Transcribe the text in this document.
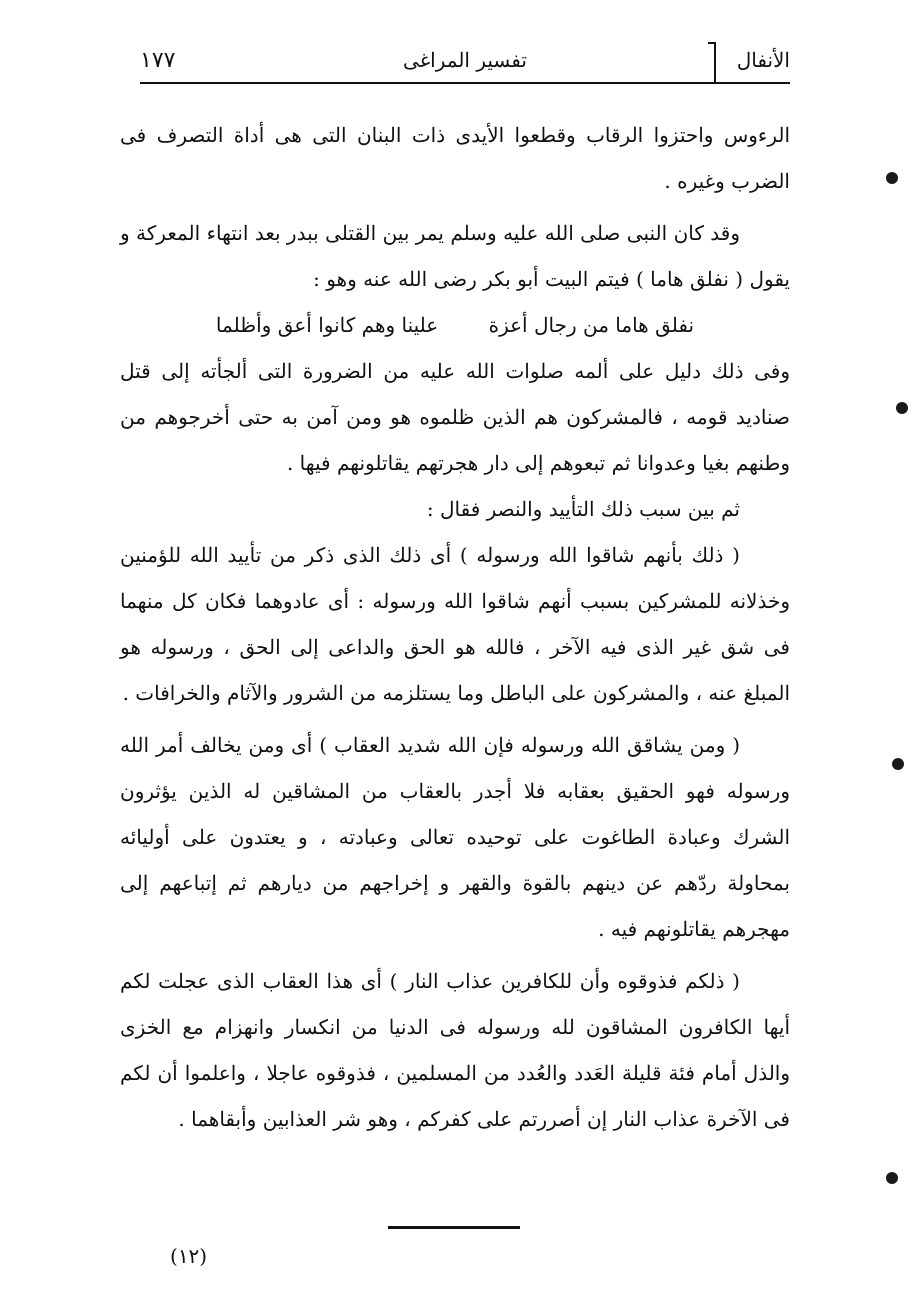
١٧٧	تفسير المراغى	الأنفال

الرءوس واحتزوا الرقاب وقطعوا الأيدى ذات البنان التى هى أداة التصرف فى الضرب وغيره .

وقد كان النبى صلى الله عليه وسلم يمر بين القتلى ببدر بعد انتهاء المعركة و يقول ( نفلق هاما ) فيتم البيت أبو بكر رضى الله عنه وهو :

نفلق هاما من رجال أعزة علينا وهم كانوا أعق وأظلما

وفى ذلك دليل على ألمه صلوات الله عليه من الضرورة التى ألجأته إلى قتل صناديد قومه ، فالمشركون هم الذين ظلموه هو ومن آمن به حتى أخرجوهم من وطنهم بغيا وعدوانا ثم تبعوهم إلى دار هجرتهم يقاتلونهم فيها .

ثم بين سبب ذلك التأييد والنصر فقال :

( ذلك بأنهم شاقوا الله ورسوله ) أى ذلك الذى ذكر من تأييد الله للؤمنين وخذلانه للمشركين بسبب أنهم شاقوا الله ورسوله : أى عادوهما فكان كل منهما فى شق غير الذى فيه الآخر ، فالله هو الحق والداعى إلى الحق ، ورسوله هو المبلغ عنه ، والمشركون على الباطل وما يستلزمه من الشرور والآثام والخرافات .

( ومن يشاقق الله ورسوله فإن الله شديد العقاب ) أى ومن يخالف أمر الله ورسوله فهو الحقيق بعقابه فلا أجدر بالعقاب من المشاقين له الذين يؤثرون الشرك وعبادة الطاغوت على توحيده تعالى وعبادته ، و يعتدون على أوليائه بمحاولة ردّهم عن دينهم بالقوة والقهر و إخراجهم من ديارهم ثم إتباعهم إلى مهجرهم يقاتلونهم فيه .

( ذلكم فذوقوه وأن للكافرين عذاب النار ) أى هذا العقاب الذى عجلت لكم أيها الكافرون المشاقون لله ورسوله فى الدنيا من انكسار وانهزام مع الخزى والذل أمام فئة قليلة العَدد والعُدد من المسلمين ، فذوقوه عاجلا ، واعلموا أن لكم فى الآخرة عذاب النار إن أصررتم على كفركم ، وهو شر العذابين وأبقاهما .

(١٢)
